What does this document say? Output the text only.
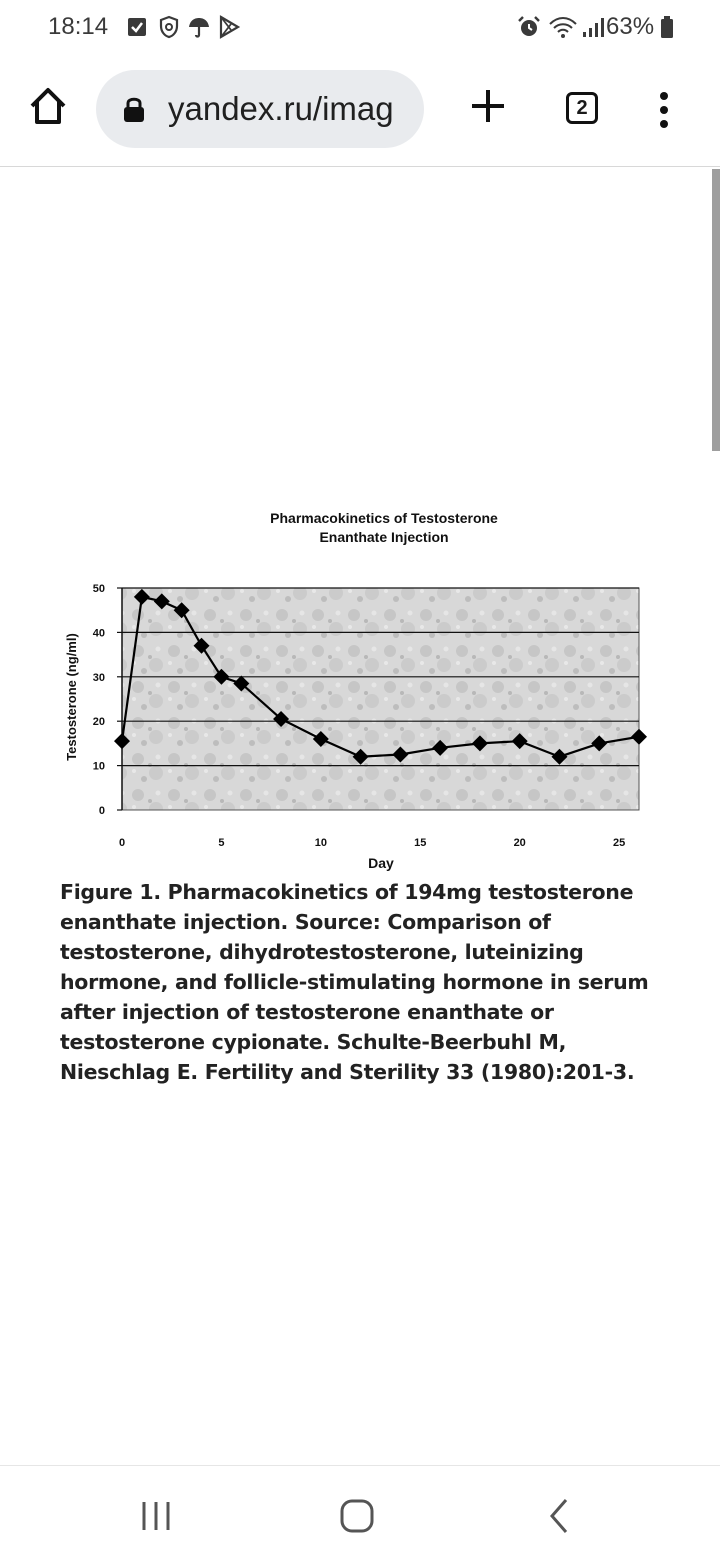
18:14	63%
yandex.ru/imag	2
Pharmacokinetics of Testosterone
Enanthate Injection
0
10
20
30
40
50
0	5	10	15	20	25
Day
Testosterone (ng/ml)
Figure 1. Pharmacokinetics of 194mg testosterone enanthate injection. Source: Comparison of testosterone, dihydrotestosterone, luteinizing hormone, and follicle-stimulating hormone in serum after injection of testosterone enanthate or testosterone cypionate. Schulte-Beerbuhl M, Nieschlag E. Fertility and Sterility 33 (1980):201-3.
